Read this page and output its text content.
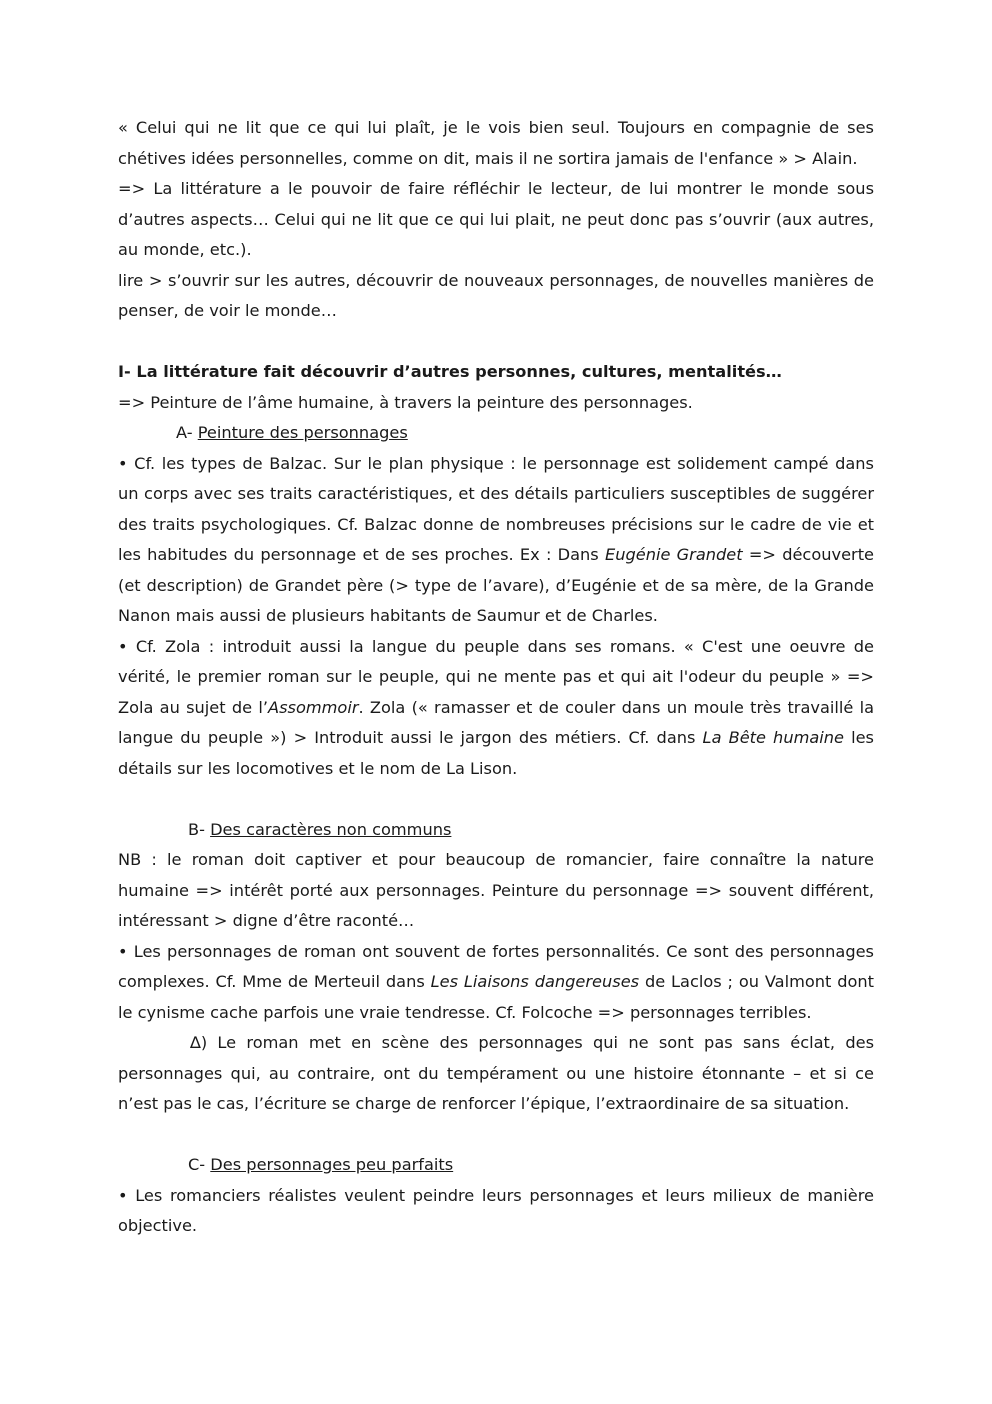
« Celui qui ne lit que ce qui lui plaît, je le vois bien seul. Toujours en compagnie de ses chétives idées personnelles, comme on dit, mais il ne sortira jamais de l'enfance » > Alain.

=> La littérature a le pouvoir de faire réfléchir le lecteur, de lui montrer le monde sous d’autres aspects… Celui qui ne lit que ce qui lui plait, ne peut donc pas s’ouvrir (aux autres, au monde, etc.).

lire > s’ouvrir sur les autres, découvrir de nouveaux personnages, de nouvelles manières de penser, de voir le monde…

I- La littérature fait découvrir d’autres personnes, cultures, mentalités…

=> Peinture de l’âme humaine, à travers la peinture des personnages.

A- Peinture des personnages

• Cf. les types de Balzac. Sur le plan physique : le personnage est solidement campé dans un corps avec ses traits caractéristiques, et des détails particuliers susceptibles de suggérer des traits psychologiques. Cf. Balzac donne de nombreuses précisions sur le cadre de vie et les habitudes du personnage et de ses proches. Ex : Dans Eugénie Grandet => découverte (et description) de Grandet père (> type de l’avare), d’Eugénie et de sa mère, de la Grande Nanon mais aussi de plusieurs habitants de Saumur et de Charles.

• Cf. Zola : introduit aussi la langue du peuple dans ses romans. « C'est une oeuvre de vérité, le premier roman sur le peuple, qui ne mente pas et qui ait l'odeur du peuple » => Zola au sujet de l’Assommoir. Zola (« ramasser et de couler dans un moule très travaillé la langue du peuple ») > Introduit aussi le jargon des métiers. Cf. dans La Bête humaine les détails sur les locomotives et le nom de La Lison.

B- Des caractères non communs

NB : le roman doit captiver et pour beaucoup de romancier, faire connaître la nature humaine => intérêt porté aux personnages. Peinture du personnage => souvent différent, intéressant > digne d’être raconté…

• Les personnages de roman ont souvent de fortes personnalités. Ce sont des personnages complexes. Cf. Mme de Merteuil dans Les Liaisons dangereuses de Laclos ; ou Valmont dont le cynisme cache parfois une vraie tendresse. Cf. Folcoche => personnages terribles.

∆) Le roman met en scène des personnages qui ne sont pas sans éclat, des personnages qui, au contraire, ont du tempérament ou une histoire étonnante – et si ce n’est pas le cas, l’écriture se charge de renforcer l’épique, l’extraordinaire de sa situation.

C- Des personnages peu parfaits

• Les romanciers réalistes veulent peindre leurs personnages et leurs milieux de manière objective.
